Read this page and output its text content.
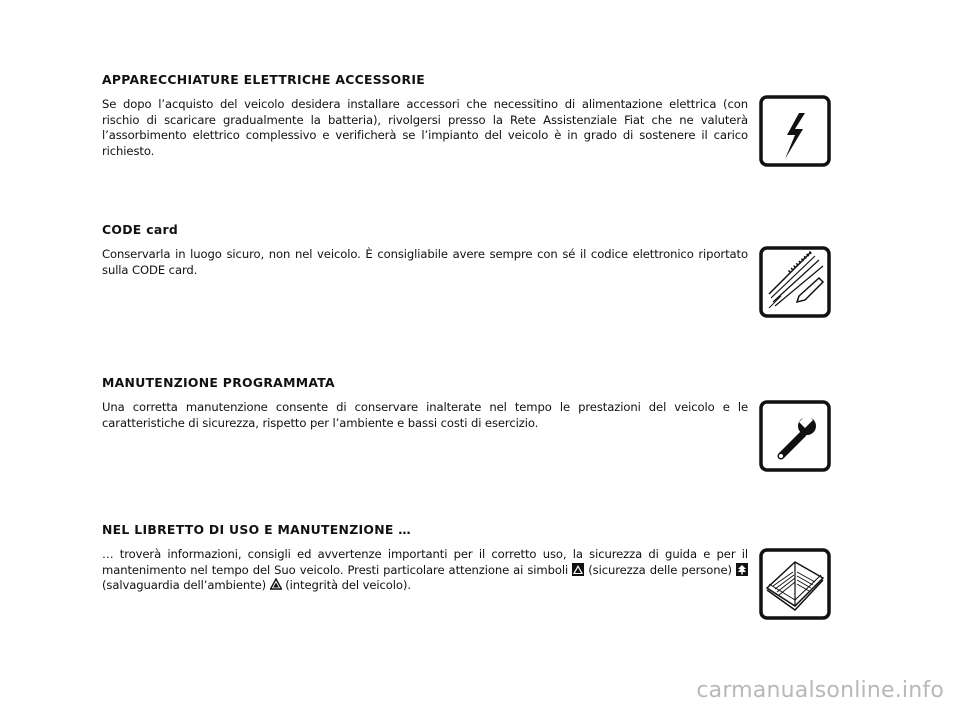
APPARECCHIATURE ELETTRICHE ACCESSORIE

Se dopo l’acquisto del veicolo desidera installare accessori che necessitino di alimentazione elettrica (con rischio di scaricare gradualmente la batteria), rivolgersi presso la Rete Assistenziale Fiat che ne valuterà l’assorbimento elettrico complessivo e verificherà se l’impianto del veicolo è in grado di sostenere il carico richiesto.

CODE card

Conservarla in luogo sicuro, non nel veicolo. È consigliabile avere sempre con sé il codice elettronico riportato sulla CODE card.

MANUTENZIONE PROGRAMMATA

Una corretta manutenzione consente di conservare inalterate nel tempo le prestazioni del veicolo e le caratteristiche di sicurezza, rispetto per l’ambiente e bassi costi di esercizio.

NEL LIBRETTO DI USO E MANUTENZIONE …

… troverà informazioni, consigli ed avvertenze importanti per il corretto uso, la sicurezza di guida e per il mantenimento nel tempo del Suo veicolo. Presti particolare attenzione ai simboli  (sicurezza delle persone)  (salvaguardia dell’ambiente)  (integrità del veicolo).

carmanualsonline.info
